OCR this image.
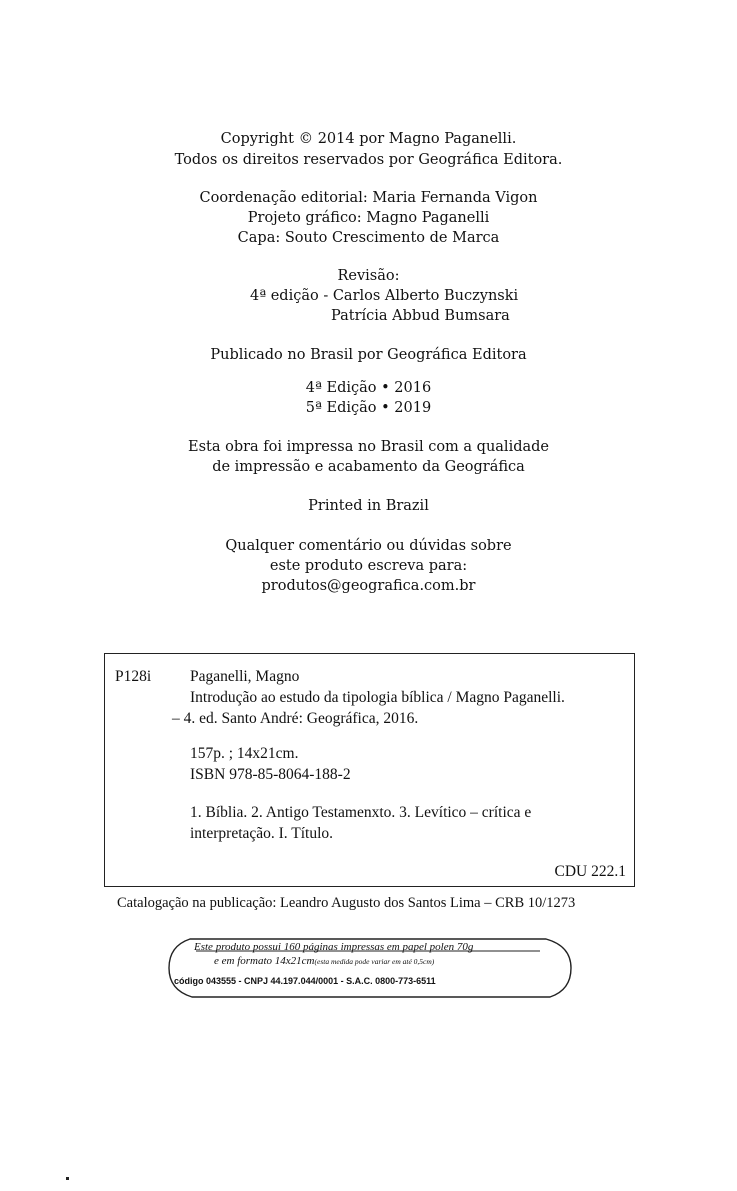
Copyright © 2014 por Magno Paganelli.
Todos os direitos reservados por Geográfica Editora.
Coordenação editorial: Maria Fernanda Vigon
Projeto gráfico: Magno Paganelli
Capa: Souto Crescimento de Marca
Revisão:
4ª edição - Carlos Alberto Buczynski
Patrícia Abbud Bumsara
Publicado no Brasil por Geográfica Editora
4ª Edição • 2016
5ª Edição • 2019
Esta obra foi impressa no Brasil com a qualidade
de impressão e acabamento da Geográfica
Printed in Brazil
Qualquer comentário ou dúvidas sobre
este produto escreva para:
produtos@geografica.com.br
P128i	Paganelli, Magno
Introdução ao estudo da tipologia bíblica / Magno Paganelli.
– 4. ed. Santo André: Geográfica, 2016.
157p. ; 14x21cm.
ISBN 978-85-8064-188-2
1. Bíblia. 2. Antigo Testamenxto. 3. Levítico – crítica e
interpretação. I. Título.
CDU 222.1
Catalogação na publicação: Leandro Augusto dos Santos Lima – CRB 10/1273
Este produto possui 160 páginas impressas em papel polen 70g
e em formato 14x21cm(esta medida pode variar em até 0,5cm)
código 043555 - CNPJ 44.197.044/0001 - S.A.C. 0800-773-6511
